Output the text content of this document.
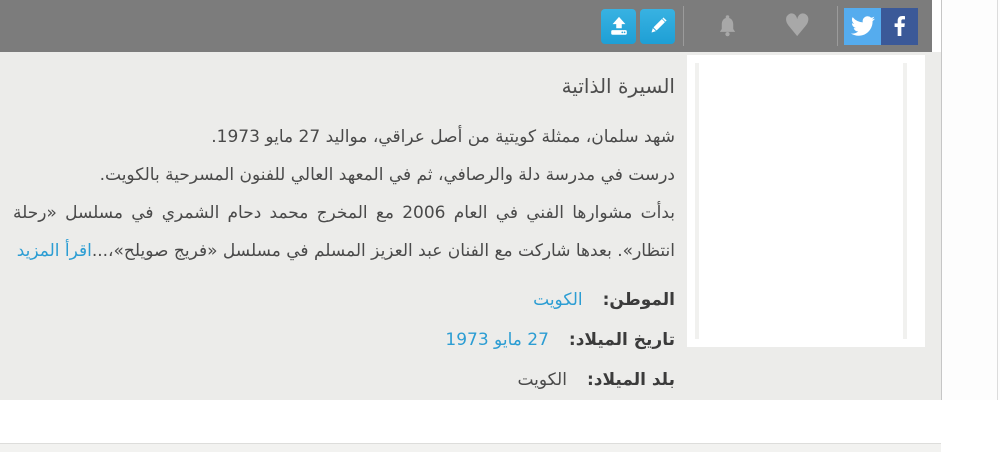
♥
السيرة الذاتية
شهد سلمان، ممثلة كويتية من أصل عراقي، مواليد 27 مايو 1973.
درست في مدرسة دلة والرصافي، ثم في المعهد العالي للفنون المسرحية بالكويت.
بدأت مشوارها الفني في العام 2006 مع المخرج محمد دحام الشمري في مسلسل «رحلة
انتظار». بعدها شاركت مع الفنان عبد العزيز المسلم في مسلسل «فريج صويلح»،...اقرأ المزيد
الموطن:الكويت
تاريخ الميلاد:27 مايو 1973
بلد الميلاد:الكويت
